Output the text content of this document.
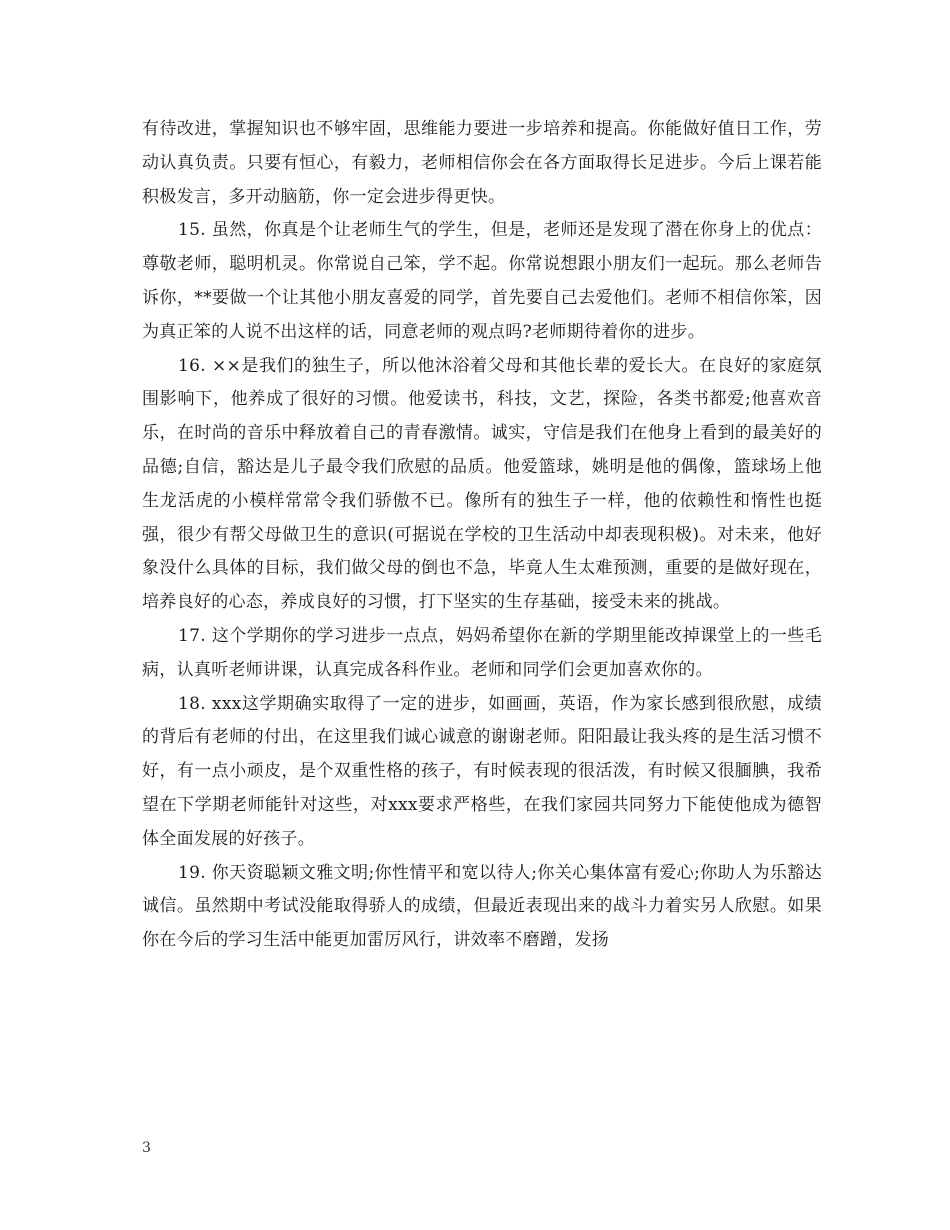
有待改进，掌握知识也不够牢固，思维能力要进一步培养和提高。你能做好值日工作，劳动认真负责。只要有恒心，有毅力，老师相信你会在各方面取得长足进步。今后上课若能积极发言，多开动脑筋，你一定会进步得更快。

15. 虽然，你真是个让老师生气的学生，但是，老师还是发现了潜在你身上的优点：尊敬老师，聪明机灵。你常说自己笨，学不起。你常说想跟小朋友们一起玩。那么老师告诉你，**要做一个让其他小朋友喜爱的同学，首先要自己去爱他们。老师不相信你笨，因为真正笨的人说不出这样的话，同意老师的观点吗?老师期待着你的进步。

16. ××是我们的独生子，所以他沐浴着父母和其他长辈的爱长大。在良好的家庭氛围影响下，他养成了很好的习惯。他爱读书，科技，文艺，探险，各类书都爱;他喜欢音乐，在时尚的音乐中释放着自己的青春激情。诚实，守信是我们在他身上看到的最美好的品德;自信，豁达是儿子最令我们欣慰的品质。他爱篮球，姚明是他的偶像，篮球场上他生龙活虎的小模样常常令我们骄傲不已。像所有的独生子一样，他的依赖性和惰性也挺强，很少有帮父母做卫生的意识(可据说在学校的卫生活动中却表现积极)。对未来，他好象没什么具体的目标，我们做父母的倒也不急，毕竟人生太难预测，重要的是做好现在，培养良好的心态，养成良好的习惯，打下坚实的生存基础，接受未来的挑战。

17. 这个学期你的学习进步一点点，妈妈希望你在新的学期里能改掉课堂上的一些毛病，认真听老师讲课，认真完成各科作业。老师和同学们会更加喜欢你的。

18. xxx这学期确实取得了一定的进步，如画画，英语，作为家长感到很欣慰，成绩的背后有老师的付出，在这里我们诚心诚意的谢谢老师。阳阳最让我头疼的是生活习惯不好，有一点小顽皮，是个双重性格的孩子，有时候表现的很活泼，有时候又很腼腆，我希望在下学期老师能针对这些，对xxx要求严格些，在我们家园共同努力下能使他成为德智体全面发展的好孩子。

19. 你天资聪颖文雅文明;你性情平和宽以待人;你关心集体富有爱心;你助人为乐豁达诚信。虽然期中考试没能取得骄人的成绩，但最近表现出来的战斗力着实另人欣慰。如果你在今后的学习生活中能更加雷厉风行，讲效率不磨蹭，发扬

3
